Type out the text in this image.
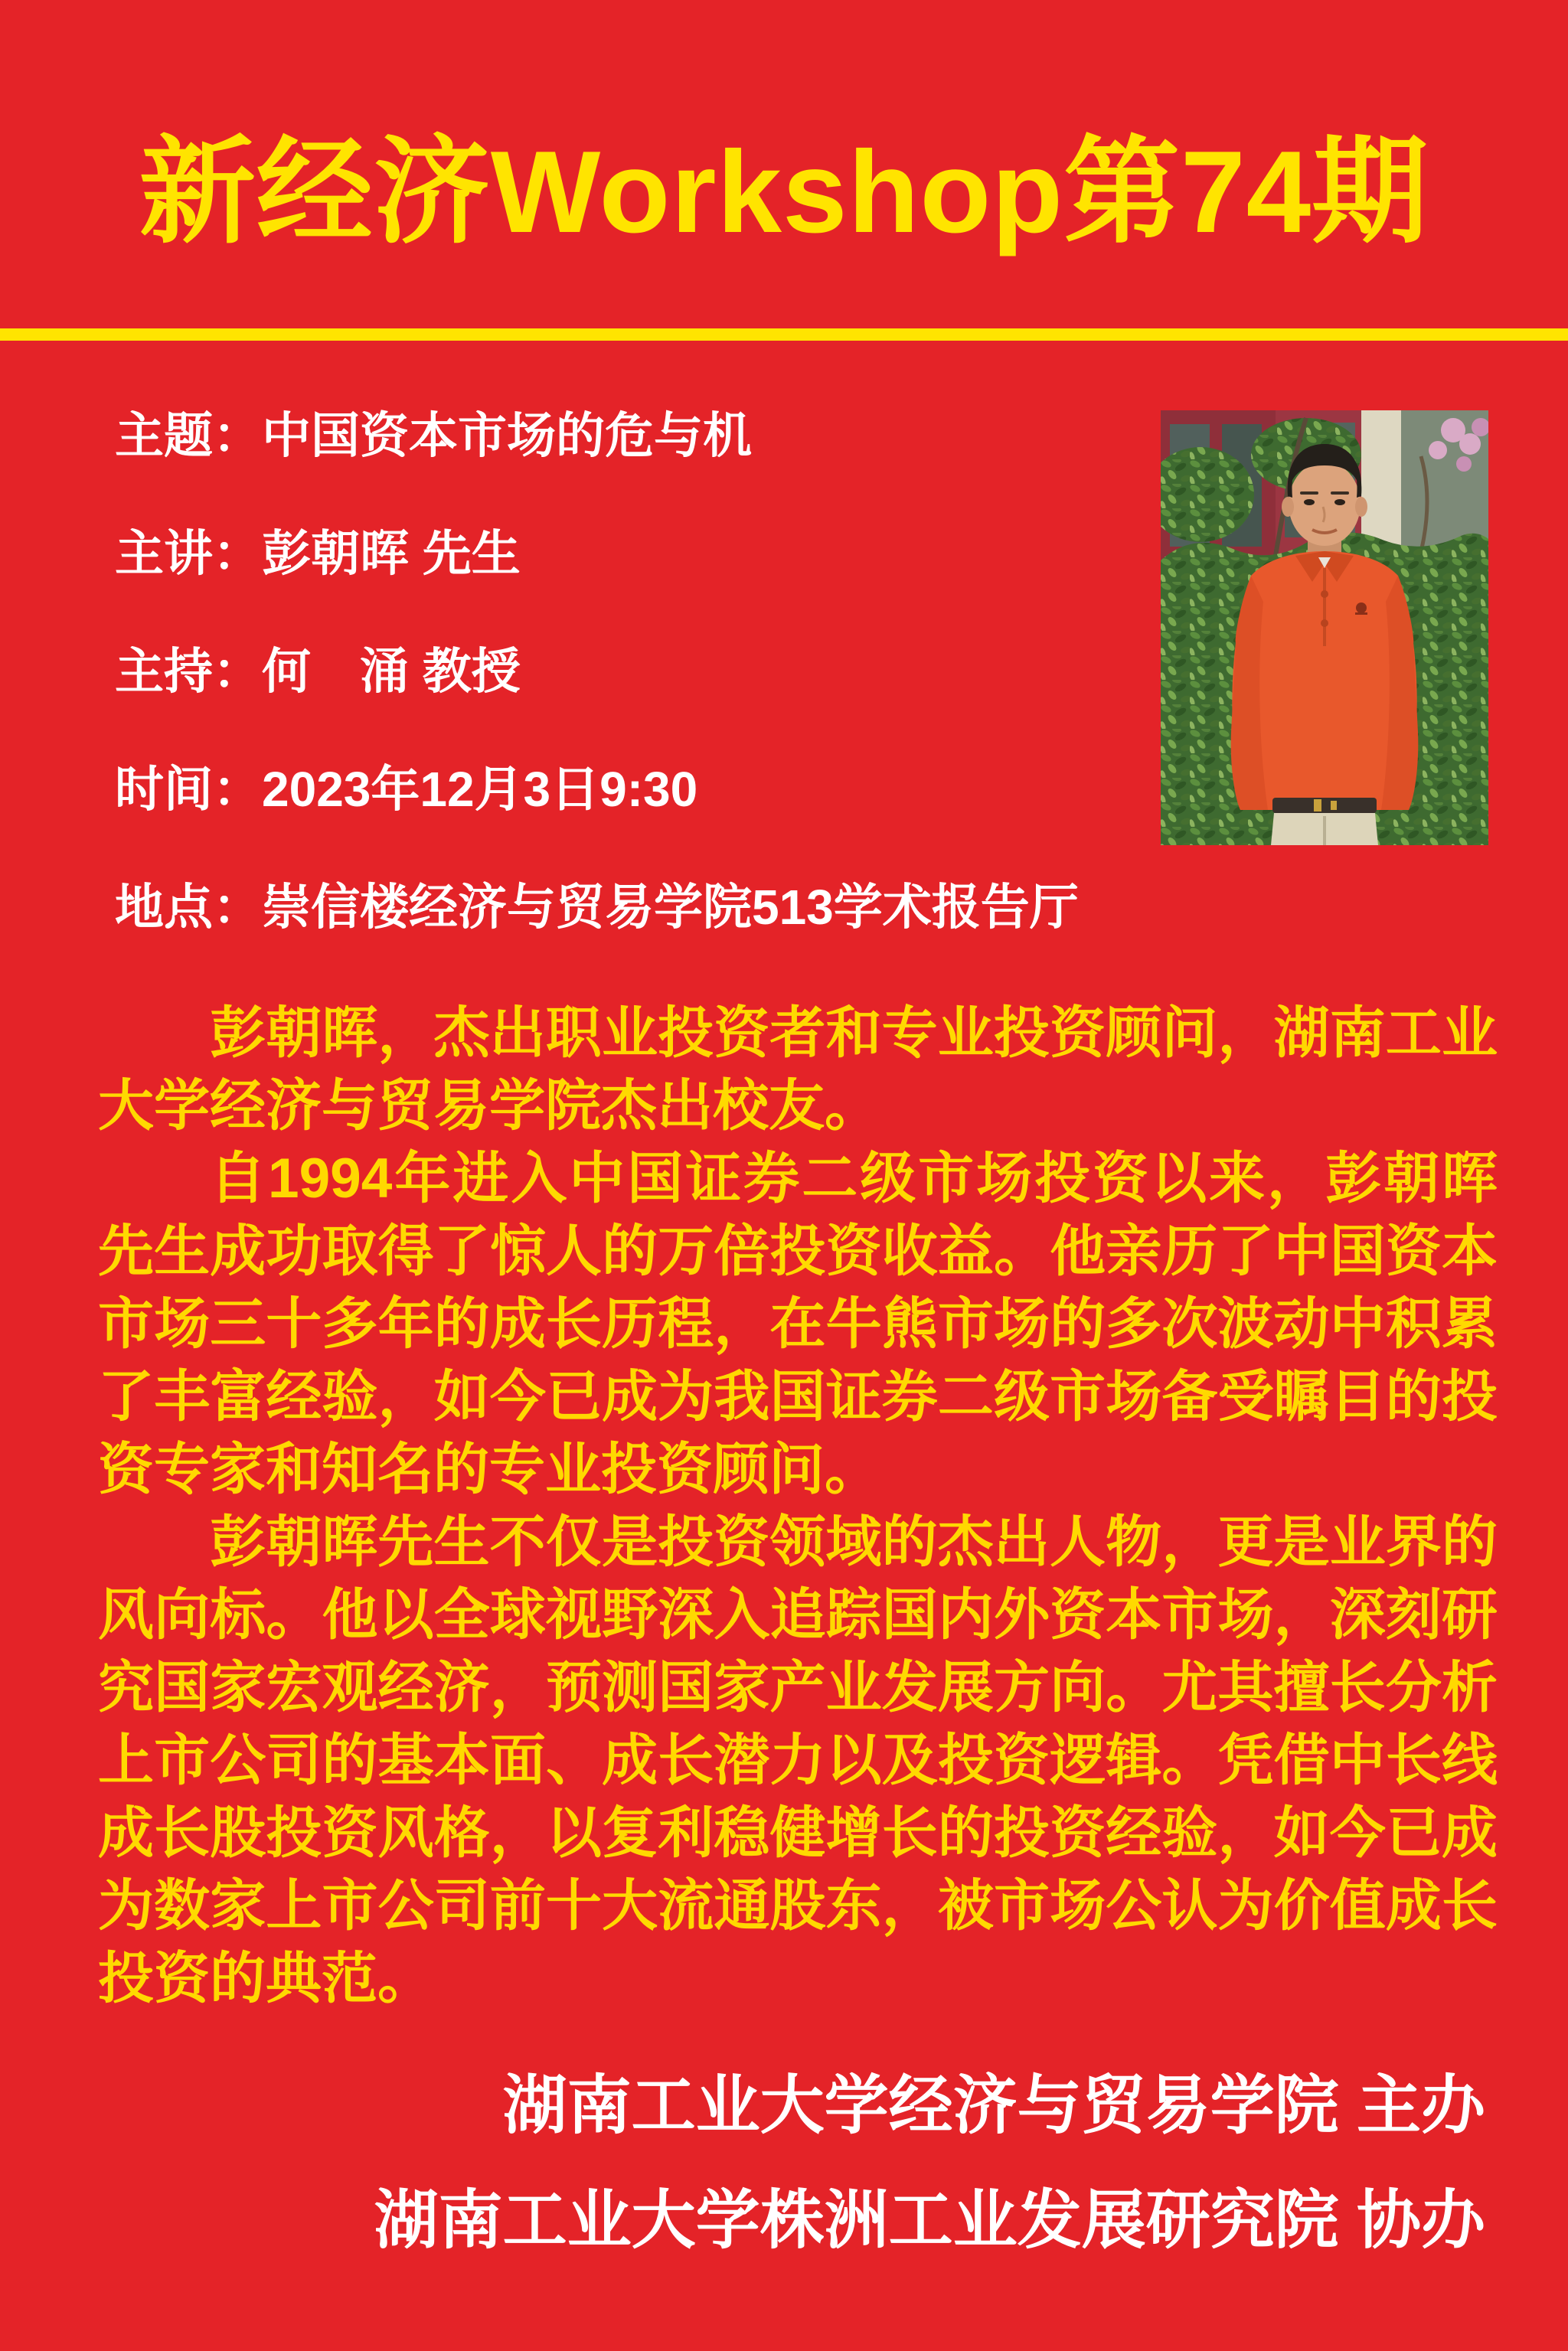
新经济Workshop第74期
主题：中国资本市场的危与机
主讲：彭朝晖 先生
主持：何　涌 教授
时间：2023年12月3日9:30
地点：崇信楼经济与贸易学院513学术报告厅

彭朝晖，杰出职业投资者和专业投资顾问，湖南工业大学经济与贸易学院杰出校友。

自1994年进入中国证券二级市场投资以来，彭朝晖先生成功取得了惊人的万倍投资收益。他亲历了中国资本市场三十多年的成长历程，在牛熊市场的多次波动中积累了丰富经验，如今已成为我国证券二级市场备受瞩目的投资专家和知名的专业投资顾问。

彭朝晖先生不仅是投资领域的杰出人物，更是业界的风向标。他以全球视野深入追踪国内外资本市场，深刻研究国家宏观经济，预测国家产业发展方向。尤其擅长分析上市公司的基本面、成长潜力以及投资逻辑。凭借中长线成长股投资风格，以复利稳健增长的投资经验，如今已成为数家上市公司前十大流通股东，被市场公认为价值成长投资的典范。

湖南工业大学经济与贸易学院 主办
湖南工业大学株洲工业发展研究院 协办
